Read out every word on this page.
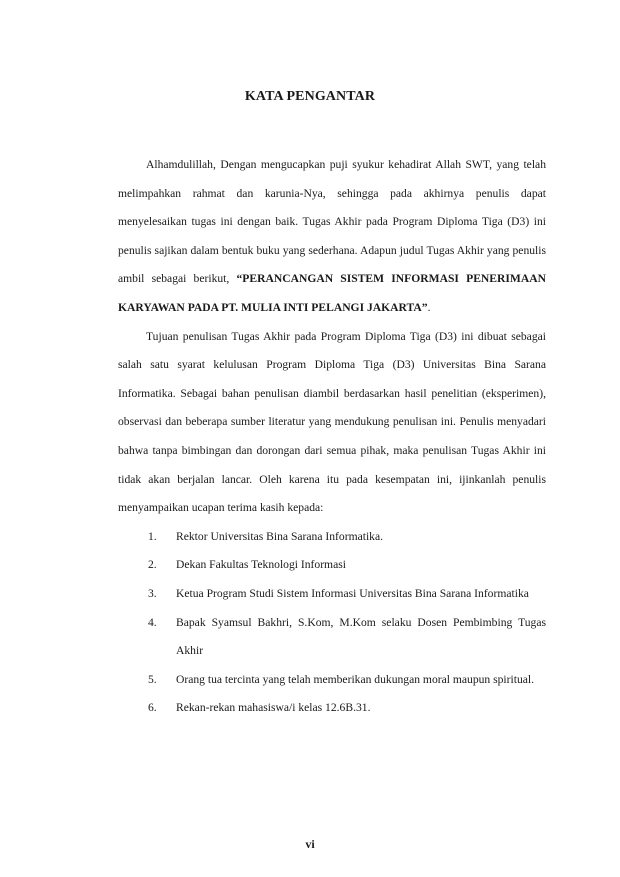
KATA PENGANTAR

Alhamdulillah, Dengan mengucapkan puji syukur kehadirat Allah SWT, yang telah melimpahkan rahmat dan karunia-Nya, sehingga pada akhirnya penulis dapat menyelesaikan tugas ini dengan baik. Tugas Akhir pada Program Diploma Tiga (D3) ini penulis sajikan dalam bentuk buku yang sederhana. Adapun judul Tugas Akhir yang penulis ambil sebagai berikut, “PERANCANGAN SISTEM INFORMASI PENERIMAAN KARYAWAN PADA PT. MULIA INTI PELANGI JAKARTA”.

Tujuan penulisan Tugas Akhir pada Program Diploma Tiga (D3) ini dibuat sebagai salah satu syarat kelulusan Program Diploma Tiga (D3) Universitas Bina Sarana Informatika. Sebagai bahan penulisan diambil berdasarkan hasil penelitian (eksperimen), observasi dan beberapa sumber literatur yang mendukung penulisan ini. Penulis menyadari bahwa tanpa bimbingan dan dorongan dari semua pihak, maka penulisan Tugas Akhir ini tidak akan berjalan lancar. Oleh karena itu pada kesempatan ini, ijinkanlah penulis menyampaikan ucapan terima kasih kepada:

1. Rektor Universitas Bina Sarana Informatika.
2. Dekan Fakultas Teknologi Informasi
3. Ketua Program Studi Sistem Informasi Universitas Bina Sarana Informatika
4. Bapak Syamsul Bakhri, S.Kom, M.Kom selaku Dosen Pembimbing Tugas Akhir
5. Orang tua tercinta yang telah memberikan dukungan moral maupun spiritual.
6. Rekan-rekan mahasiswa/i kelas 12.6B.31.
vi
